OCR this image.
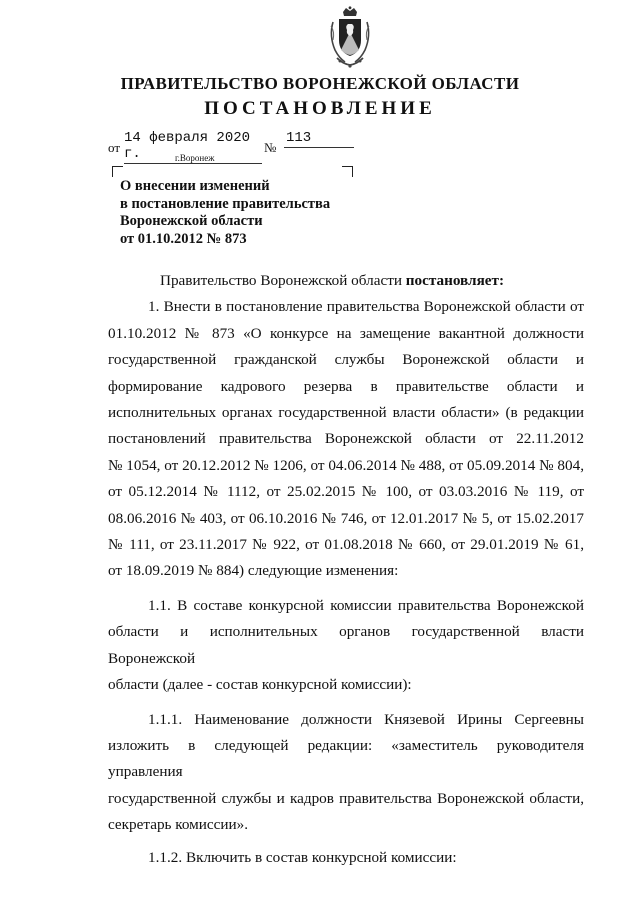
ПРАВИТЕЛЬСТВО ВОРОНЕЖСКОЙ ОБЛАСТИ
ПОСТАНОВЛЕНИЕ
от
14 февраля 2020 г.	№
113
г.Воронеж
О внесении изменений
в постановление правительства
Воронежской области
от 01.10.2012 № 873
Правительство Воронежской области постановляет:
1. Внести в постановление правительства Воронежской области от
01.10.2012 № 873 «О конкурсе на замещение вакантной должности
государственной гражданской службы Воронежской области и
формирование кадрового резерва в правительстве области и
исполнительных органах государственной власти области» (в редакции
постановлений правительства Воронежской области от 22.11.2012
№ 1054, от 20.12.2012 № 1206, от 04.06.2014 № 488, от 05.09.2014 № 804,
от 05.12.2014 № 1112, от 25.02.2015 № 100, от 03.03.2016 № 119, от
08.06.2016 № 403, от 06.10.2016 № 746, от 12.01.2017 № 5, от 15.02.2017
№ 111, от 23.11.2017 № 922, от 01.08.2018 № 660, от 29.01.2019 № 61,
от 18.09.2019 № 884) следующие изменения:
1.1. В составе конкурсной комиссии правительства Воронежской
области и исполнительных органов государственной власти Воронежской
области (далее - состав конкурсной комиссии):
1.1.1. Наименование должности Князевой Ирины Сергеевны
изложить в следующей редакции: «заместитель руководителя управления
государственной службы и кадров правительства Воронежской области,
секретарь комиссии».
1.1.2. Включить в состав конкурсной комиссии:
